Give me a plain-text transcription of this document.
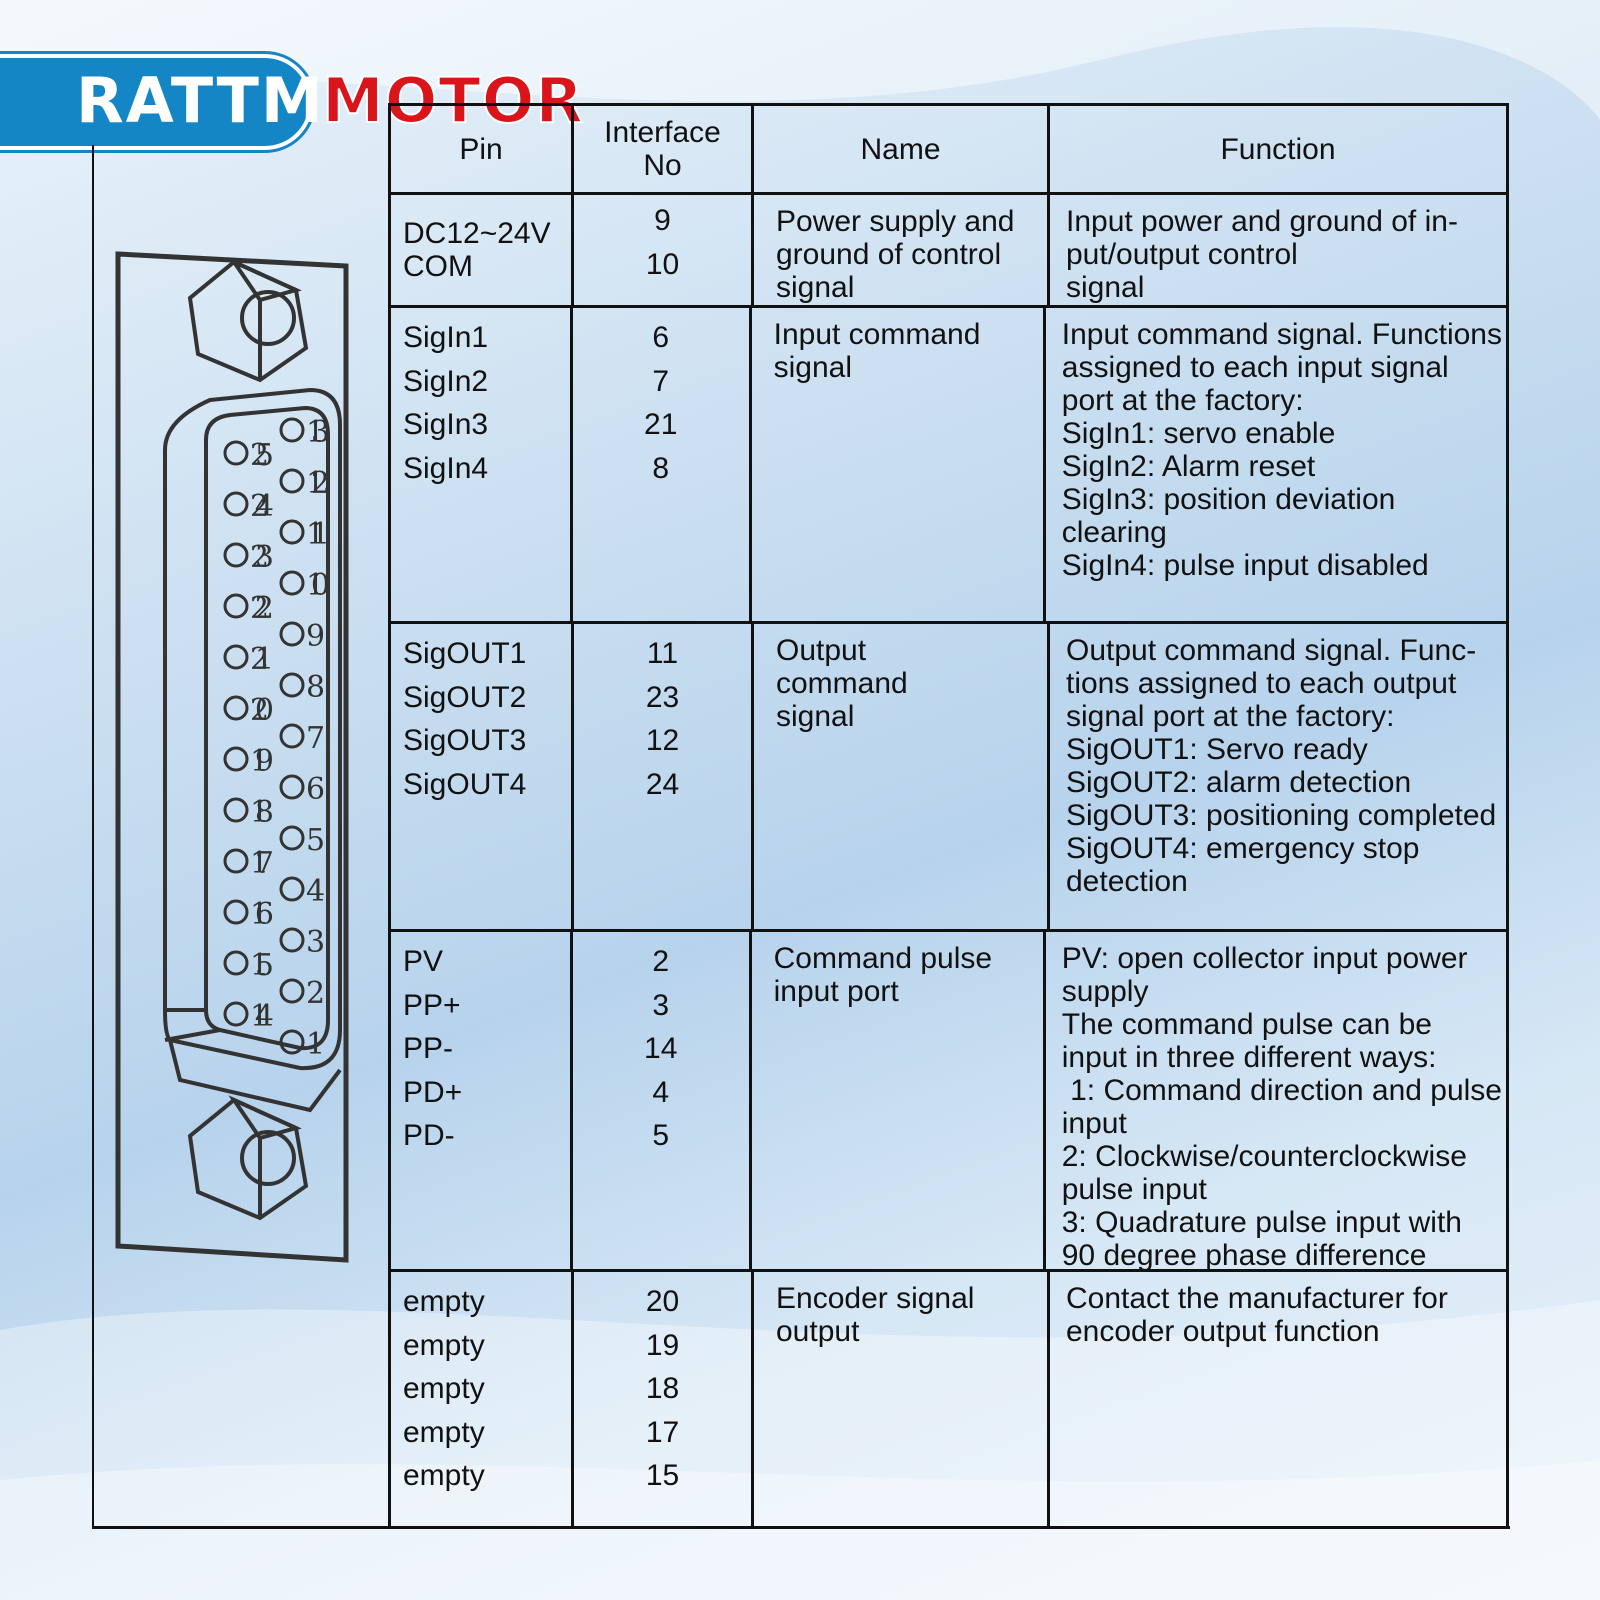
RATTM
MOTOR
25
24
23
22
21
20
19
18
17
16
15
14
13
12
11
10
9
8
7
6
5
4
3
2
1
Pin
Interface
No	Name	Function
DC12~24V
COM
9
10
Power supply and
ground of control
signal
Input power and ground of in-
put/output control
signal
SigIn1
SigIn2
SigIn3
SigIn4
6
7
21
8
Input command
signal
Input command signal. Functions
assigned to each input signal
port at the factory:
SigIn1: servo enable
SigIn2: Alarm reset
SigIn3: position deviation
clearing
SigIn4: pulse input disabled
SigOUT1
SigOUT2
SigOUT3
SigOUT4
11
23
12
24
Output
command
signal
Output command signal. Func-
tions assigned to each output
signal port at the factory:
SigOUT1: Servo ready
SigOUT2: alarm detection
SigOUT3: positioning completed
SigOUT4: emergency stop
detection
PV
PP+
PP-
PD+
PD-
2
3
14
4
5
Command pulse
input port
PV: open collector input power
supply
The command pulse can be
input in three different ways:
1: Command direction and pulse
input
2: Clockwise/counterclockwise
pulse input
3: Quadrature pulse input with
90 degree phase difference
empty
empty
empty
empty
empty
20
19
18
17
15
Encoder signal
output
Contact the manufacturer for
encoder output function
